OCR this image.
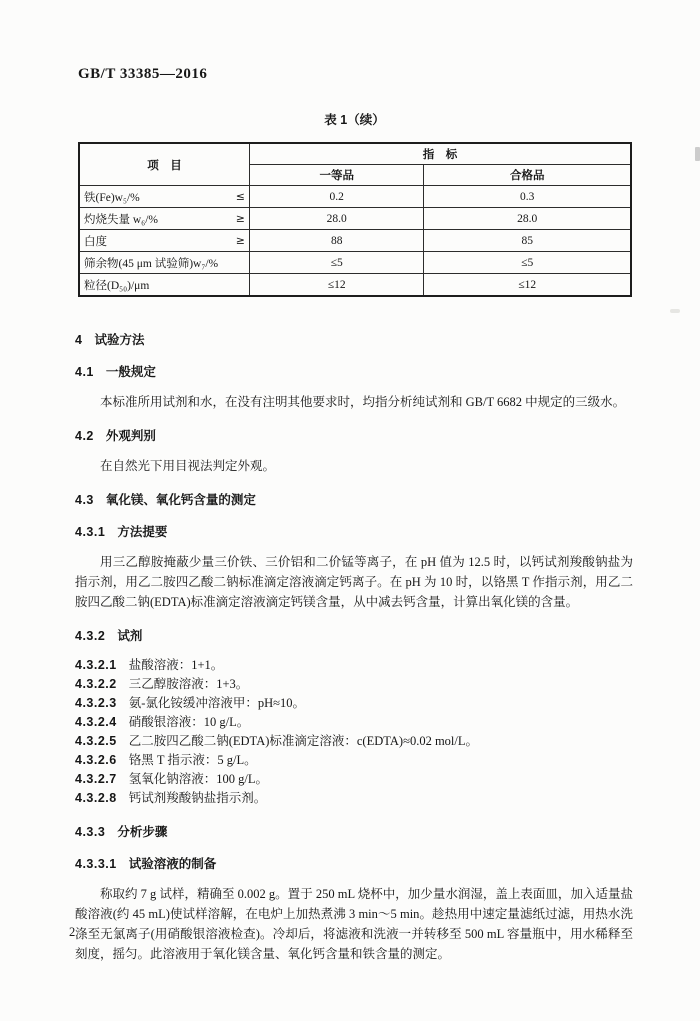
GB/T 33385—2016
表 1（续）
项　目	指　标	
	一等品	合格品

铁(Fe)w₅/% ≤	0.2	0.3

灼烧失量 w₆/% ≥	28.0	28.0

白度 ≥	88	85

筛余物(45 μm 试验筛)w₇/%	≤5	≤5

粒径(D₅₀)/μm	≤12	≤12
4 试验方法
4.1 一般规定
本标准所用试剂和水，在没有注明其他要求时，均指分析纯试剂和 GB/T 6682 中规定的三级水。
4.2 外观判别
在自然光下用目视法判定外观。
4.3 氧化镁、氧化钙含量的测定
4.3.1 方法提要
用三乙醇胺掩蔽少量三价铁、三价铝和二价锰等离子，在 pH 值为 12.5 时，以钙试剂羧酸钠盐为指示剂，用乙二胺四乙酸二钠标准滴定溶液滴定钙离子。在 pH 为 10 时，以铬黑 T 作指示剂，用乙二胺四乙酸二钠(EDTA)标准滴定溶液滴定钙镁含量，从中减去钙含量，计算出氧化镁的含量。
4.3.2 试剂
4.3.2.1 盐酸溶液：1+1。
4.3.2.2 三乙醇胺溶液：1+3。
4.3.2.3 氨-氯化铵缓冲溶液甲：pH≈10。
4.3.2.4 硝酸银溶液：10 g/L。
4.3.2.5 乙二胺四乙酸二钠(EDTA)标准滴定溶液：c(EDTA)≈0.02 mol/L。
4.3.2.6 铬黑 T 指示液：5 g/L。
4.3.2.7 氢氧化钠溶液：100 g/L。
4.3.2.8 钙试剂羧酸钠盐指示剂。
4.3.3 分析步骤
4.3.3.1 试验溶液的制备
称取约 7 g 试样，精确至 0.002 g。置于 250 mL 烧杯中，加少量水润湿，盖上表面皿，加入适量盐酸溶液(约 45 mL)使试样溶解，在电炉上加热煮沸 3 min～5 min。趁热用中速定量滤纸过滤，用热水洗涤至无氯离子(用硝酸银溶液检查)。冷却后，将滤液和洗液一并转移至 500 mL 容量瓶中，用水稀释至刻度，摇匀。此溶液用于氧化镁含量、氧化钙含量和铁含量的测定。
2
